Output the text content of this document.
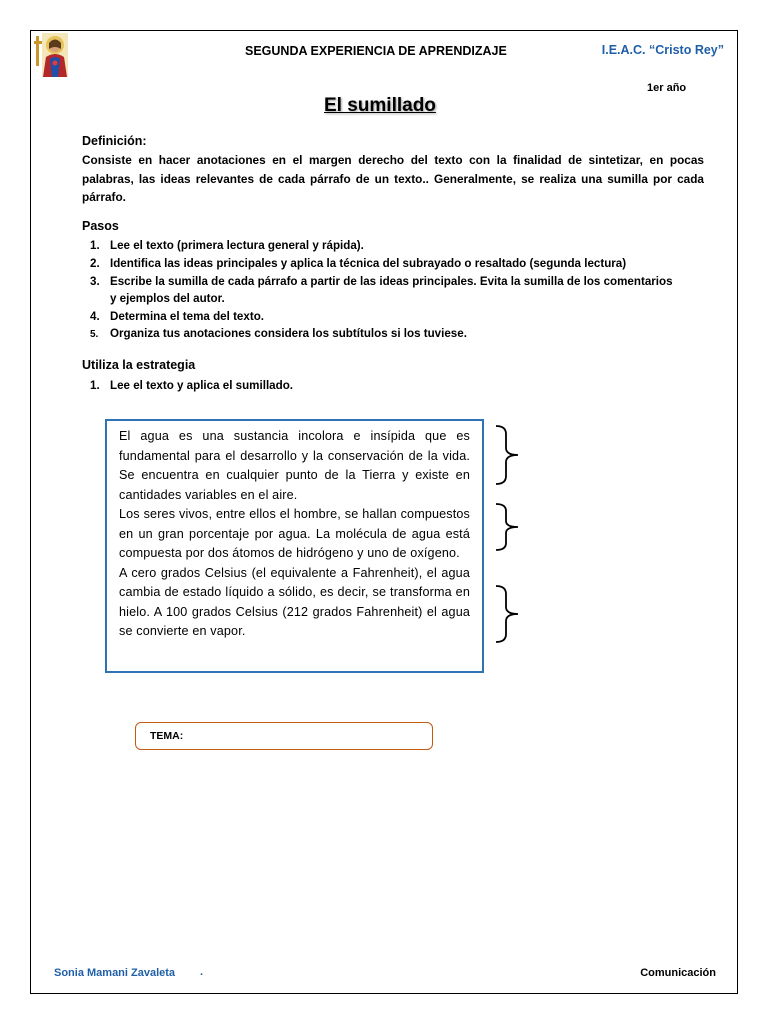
SEGUNDA EXPERIENCIA DE APRENDIZAJE	I.E.A.C. “Cristo Rey”
1er año
El sumillado
Definición:
Consiste en hacer anotaciones en el margen derecho del texto con la finalidad de sintetizar, en pocas palabras, las ideas relevantes de cada párrafo de un texto.. Generalmente, se realiza una sumilla por cada párrafo.
Pasos
1. Lee el texto (primera lectura general y rápida).
2. Identifica las ideas principales y aplica la técnica del subrayado o resaltado (segunda lectura)
3. Escribe la sumilla de cada párrafo a partir de las ideas principales. Evita la sumilla de los comentarios
y ejemplos del autor.
4. Determina el tema del texto.
5. Organiza tus anotaciones considera los subtítulos si los tuviese.
Utiliza la estrategia
1. Lee el texto y aplica el sumillado.

El agua es una sustancia incolora e insípida que es fundamental para el desarrollo y la conservación de la vida. Se encuentra en cualquier punto de la Tierra y existe en cantidades variables en el aire.

Los seres vivos, entre ellos el hombre, se hallan compuestos en un gran porcentaje por agua. La molécula de agua está compuesta por dos átomos de hidrógeno y uno de oxígeno.

A cero grados Celsius (el equivalente a Fahrenheit), el agua cambia de estado líquido a sólido, es decir, se transforma en hielo. A 100 grados Celsius (212 grados Fahrenheit) el agua se convierte en vapor.

TEMA:
Sonia Mamani Zavaleta .	Comunicación
